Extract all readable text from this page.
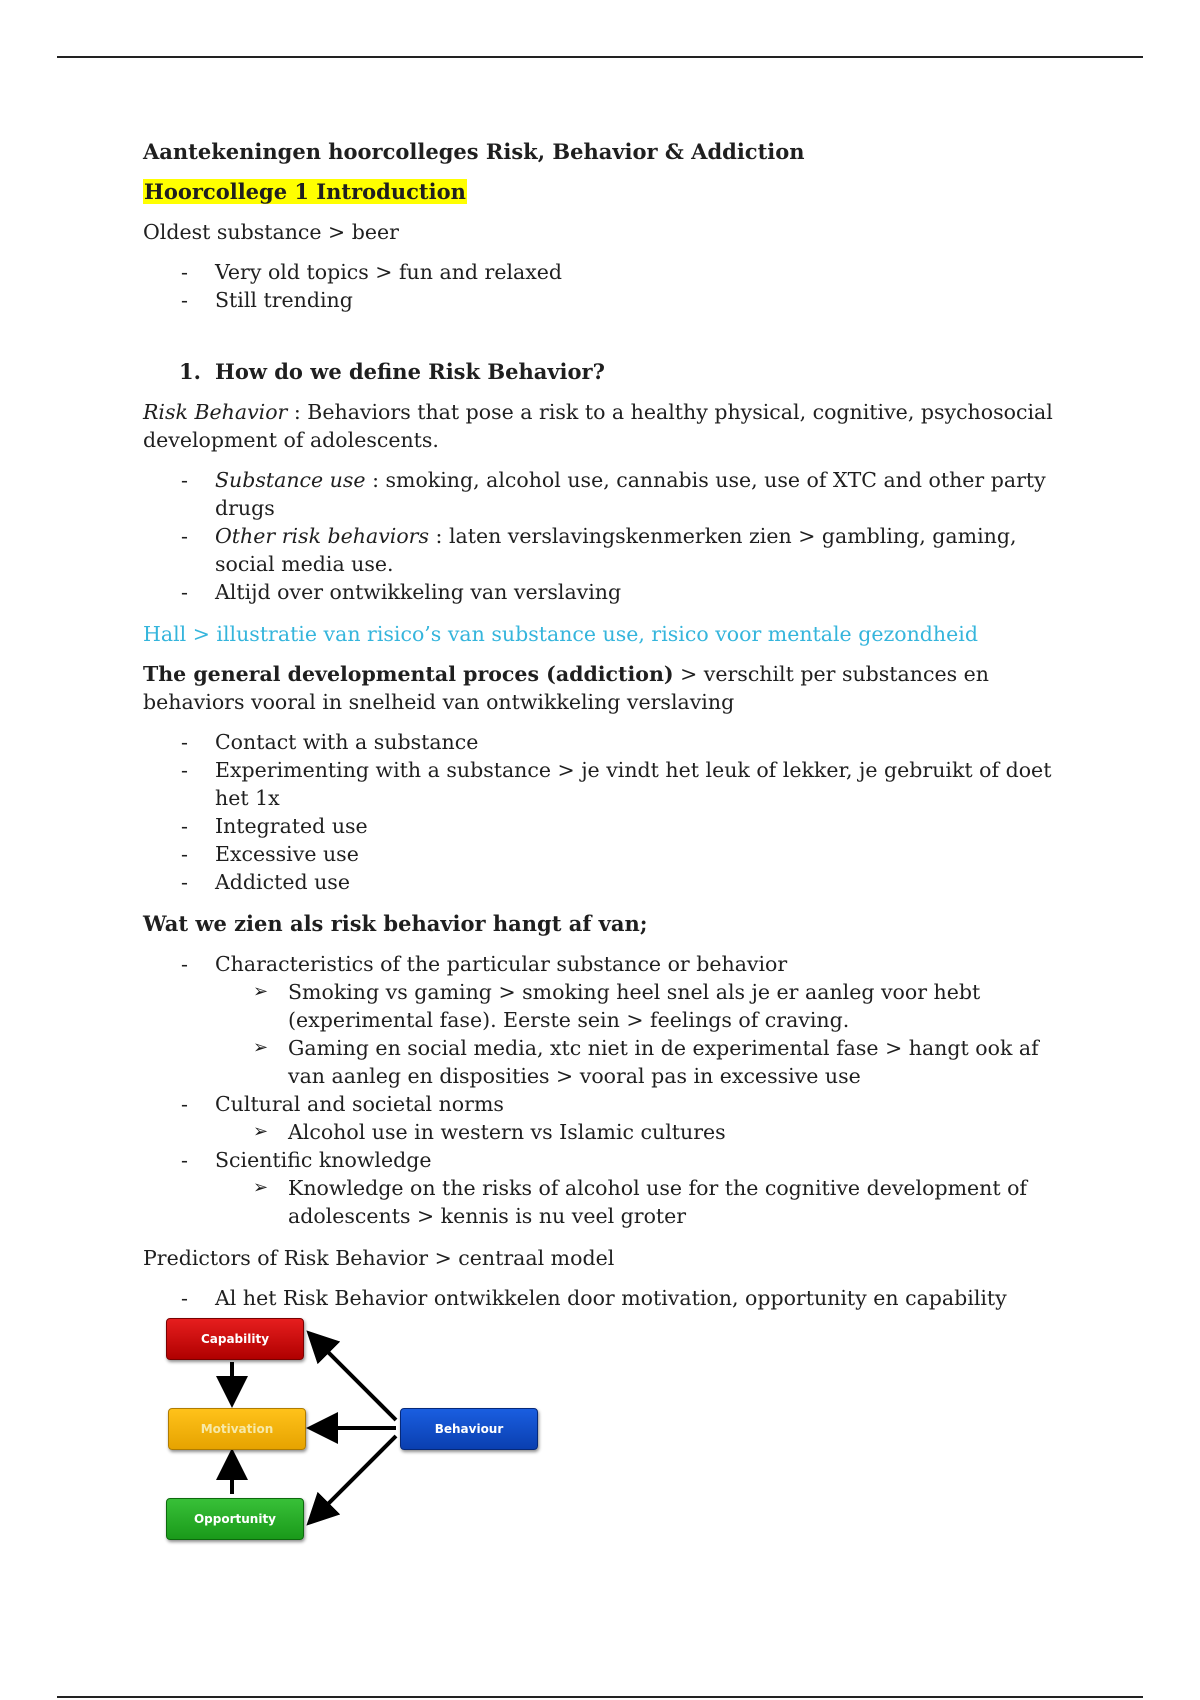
Aantekeningen hoorcolleges Risk, Behavior & Addiction

Hoorcollege 1 Introduction

Oldest substance > beer

- Very old topics > fun and relaxed
- Still trending

1. How do we define Risk Behavior?

Risk Behavior : Behaviors that pose a risk to a healthy physical, cognitive, psychosocial development of adolescents.

- Substance use : smoking, alcohol use, cannabis use, use of XTC and other party drugs
- Other risk behaviors : laten verslavingskenmerken zien > gambling, gaming, social media use.
- Altijd over ontwikkeling van verslaving

Hall > illustratie van risico’s van substance use, risico voor mentale gezondheid

The general developmental proces (addiction) > verschilt per substances en behaviors vooral in snelheid van ontwikkeling verslaving

- Contact with a substance
- Experimenting with a substance > je vindt het leuk of lekker, je gebruikt of doet het 1x
- Integrated use
- Excessive use
- Addicted use

Wat we zien als risk behavior hangt af van;

- Characteristics of the particular substance or behavior
➢ Smoking vs gaming > smoking heel snel als je er aanleg voor hebt (experimental fase). Eerste sein > feelings of craving.
➢ Gaming en social media, xtc niet in de experimental fase > hangt ook af van aanleg en disposities > vooral pas in excessive use
- Cultural and societal norms
➢ Alcohol use in western vs Islamic cultures
- Scientific knowledge
➢ Knowledge on the risks of alcohol use for the cognitive development of adolescents > kennis is nu veel groter

Predictors of Risk Behavior > centraal model

- Al het Risk Behavior ontwikkelen door motivation, opportunity en capability
Capability
Motivation
Opportunity
Behaviour
